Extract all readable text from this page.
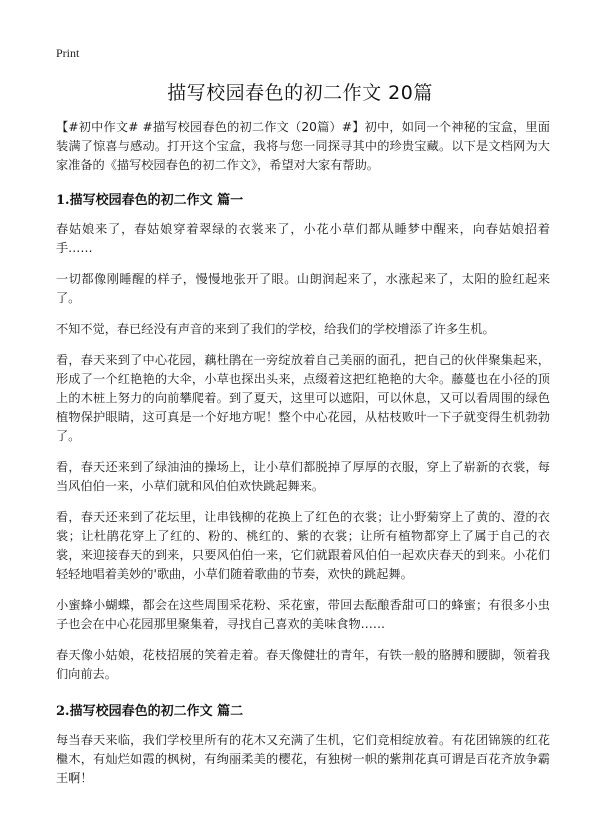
Print
描写校园春色的初二作文 20篇

【#初中作文# #描写校园春色的初二作文（20篇）#】初中，如同一个神秘的宝盒，里面装满了惊喜与感动。打开这个宝盒，我将与您一同探寻其中的珍贵宝藏。以下是文档网为大家准备的《描写校园春色的初二作文》，希望对大家有帮助。

1.描写校园春色的初二作文 篇一

春姑娘来了，春姑娘穿着翠绿的衣裳来了，小花小草们都从睡梦中醒来，向春姑娘招着手……

一切都像刚睡醒的样子，慢慢地张开了眼。山朗润起来了，水涨起来了，太阳的脸红起来了。

不知不觉，春已经没有声音的来到了我们的学校，给我们的学校增添了许多生机。

看，春天来到了中心花园，藕杜鹃在一旁绽放着自己美丽的面孔，把自己的伙伴聚集起来，形成了一个红艳艳的大伞，小草也探出头来，点缀着这把红艳艳的大伞。藤蔓也在小径的顶上的木桩上努力的向前攀爬着。到了夏天，这里可以遮阳，可以休息，又可以看周围的绿色植物保护眼睛，这可真是一个好地方呢！整个中心花园，从枯枝败叶一下子就变得生机勃勃了。

看，春天还来到了绿油油的操场上，让小草们都脱掉了厚厚的衣服，穿上了崭新的衣裳，每当风伯伯一来，小草们就和风伯伯欢快跳起舞来。

看，春天还来到了花坛里，让串钱柳的花换上了红色的衣裳；让小野菊穿上了黄的、澄的衣裳；让杜鹃花穿上了红的、粉的、桃红的、紫的衣裳；让所有植物都穿上了属于自己的衣裳，来迎接春天的到来，只要风伯伯一来，它们就跟着风伯伯一起欢庆春天的到来。小花们轻轻地唱着美妙的'歌曲，小草们随着歌曲的节奏，欢快的跳起舞。

小蜜蜂小蝴蝶，都会在这些周围采花粉、采花蜜，带回去酝酿香甜可口的蜂蜜；有很多小虫子也会在中心花园那里聚集着，寻找自己喜欢的美味食物……

春天像小姑娘，花枝招展的笑着走着。春天像健壮的青年，有铁一般的胳膊和腰脚，领着我们向前去。

2.描写校园春色的初二作文 篇二

每当春天来临，我们学校里所有的花木又充满了生机，它们竞相绽放着。有花团锦簇的红花檵木，有灿烂如霞的枫树，有绚丽柔美的樱花，有独树一帜的紫荆花真可谓是百花齐放争霸王啊！
